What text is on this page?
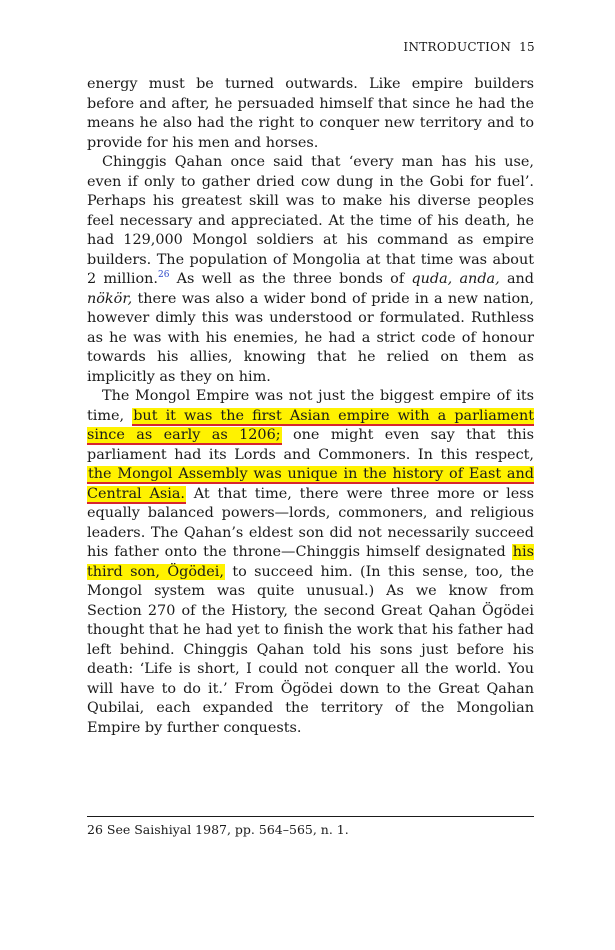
INTRODUCTION 15

energy must be turned outwards. Like empire builders before and after, he persuaded himself that since he had the means he also had the right to conquer new territory and to provide for his men and horses.

Chinggis Qahan once said that ‘every man has his use, even if only to gather dried cow dung in the Gobi for fuel’. Perhaps his greatest skill was to make his diverse peoples feel necessary and appreciated. At the time of his death, he had 129,000 Mongol soldiers at his command as empire builders. The population of Mongolia at that time was about 2 million.$^{26}$ As well as the three bonds of quda, anda, and nökör, there was also a wider bond of pride in a new nation, however dimly this was understood or formulated. Ruthless as he was with his enemies, he had a strict code of honour towards his allies, knowing that he relied on them as implicitly as they on him.

The Mongol Empire was not just the biggest empire of its time, but it was the first Asian empire with a parliament since as early as 1206; one might even say that this parliament had its Lords and Commoners. In this respect, the Mongol Assembly was unique in the history of East and Central Asia. At that time, there were three more or less equally balanced powers—lords, commoners, and religious leaders. The Qahan’s eldest son did not necessarily succeed his father onto the throne—Chinggis himself designated his third son, Ögödei, to succeed him. (In this sense, too, the Mongol system was quite unusual.) As we know from Section 270 of the History, the second Great Qahan Ögödei thought that he had yet to finish the work that his father had left behind. Chinggis Qahan told his sons just before his death: ‘Life is short, I could not conquer all the world. You will have to do it.’ From Ögödei down to the Great Qahan Qubilai, each expanded the territory of the Mongolian Empire by further conquests.

26 See Saishiyal 1987, pp. 564–565, n. 1.
